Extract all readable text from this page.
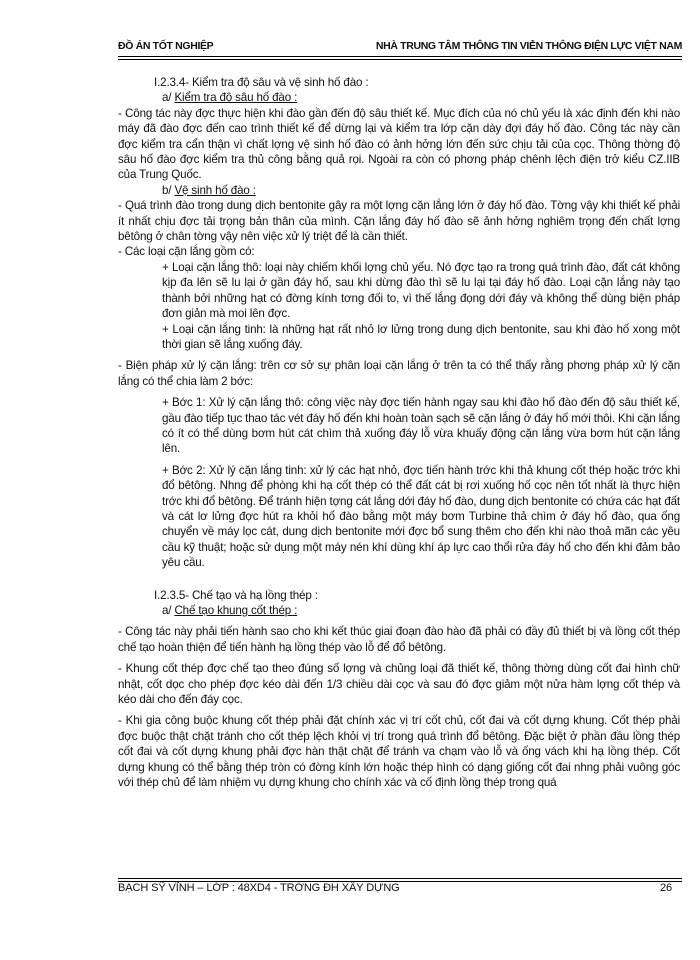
ĐỒ ÁN TỐT NGHIỆP	NHÀ TRUNG TÂM THÔNG TIN VIỄN THÔNG ĐIỆN LỰC VIỆT NAM

I.2.3.4- Kiểm tra độ sâu và vệ sinh hố đào :

a/ Kiểm tra độ sâu hố đào :

- Công tác này đợc thực hiện khi đào gần đến độ sâu thiết kế. Mục đích của nó chủ yếu là xác định đến khi nào máy đã đào đợc đến cao trình thiết kế để dừng lại và kiểm tra lớp cặn dày đợi đáy hố đào. Công tác này cần đợc kiểm tra cẩn thận vì chất lợng vệ sinh hố đào có ảnh hởng lớn đến sức chịu tải của cọc. Thông thờng độ sâu hố đào đợc kiểm tra thủ công bằng quả rọi. Ngoài ra còn có phơng pháp chênh lệch điện trở kiểu CZ.IIB của Trung Quốc.

b/ Vệ sinh hố đào :

- Quá trình đào trong dung dịch bentonite gây ra một lợng cặn lắng lớn ở đáy hố đào. Tờng vậy khi thiết kế phải ít nhất chịu đợc tải trọng bản thân của mình. Cặn lắng đáy hố đào sẽ ảnh hởng nghiêm trọng đến chất lợng bêtông ở chân tờng vậy nên việc xử lý triệt để là cần thiết.

- Các loại cặn lắng gồm có:

+ Loại cặn lắng thô: loại này chiếm khối lợng chủ yếu. Nó đợc tạo ra trong quá trình đào, đất cát không kịp đa lên sẽ lu lại ở gần đáy hố, sau khi dừng đào thì sẽ lu lại tại đáy hố đào. Loại cặn lắng này tạo thành bởi những hạt có đờng kính tơng đối to, vì thế lắng đọng dới đáy và không thể dùng biện pháp đơn giản mà moi lên đợc.

+ Loại cặn lắng tinh: là những hạt rất nhỏ lơ lửng trong dung dịch bentonite, sau khi đào hố xong một thời gian sẽ lắng xuống đáy.

- Biện pháp xử lý cặn lắng: trên cơ sở sự phân loại cặn lắng ở trên ta có thể thấy rằng phơng pháp xử lý cặn lắng có thể chia làm 2 bớc:

+ Bớc 1: Xử lý cặn lắng thô: công việc này đợc tiến hành ngay sau khi đào hố đào đến độ sâu thiết kế, gầu đào tiếp tục thao tác vét đáy hố đến khi hoàn toàn sạch sẽ cặn lắng ở đáy hố mới thôi. Khi cặn lắng có ít có thể dùng bơm hút cát chìm thả xuống đáy lỗ vừa khuấy động cặn lắng vừa bơm hút cặn lắng lên.

+ Bớc 2: Xử lý cặn lắng tinh: xử lý các hạt nhỏ, đợc tiến hành trớc khi thả khung cốt thép hoặc trớc khi đổ bêtông. Nhng để phòng khi hạ cốt thép có thể đất cát bị rơi xuống hố cọc nên tốt nhất là thực hiện trớc khi đổ bêtông. Để tránh hiện tợng cát lắng dới đáy hố đào, dung dịch bentonite có chứa các hạt đất và cát lơ lửng đợc hút ra khỏi hố đào bằng một máy bơm Turbine thả chìm ở đáy hố đào, qua ống chuyển về máy lọc cát, dung dịch bentonite mới đợc bổ sung thêm cho đến khi nào thoả mãn các yêu cầu kỹ thuật; hoặc sử dụng một máy nén khí dùng khí áp lực cao thổi rửa đáy hố cho đến khi đảm bảo yêu cầu.

I.2.3.5- Chế tạo và hạ lồng thép :

a/ Chế tạo khung cốt thép :

- Công tác này phải tiến hành sao cho khi kết thúc giai đoạn đào hào đã phải có đầy đủ thiết bị và lồng cốt thép chế tạo hoàn thiện để tiến hành hạ lồng thép vào lỗ để đổ bêtông.

- Khung cốt thép đợc chế tạo theo đúng số lợng và chủng loại đã thiết kế, thông thờng dùng cốt đai hình chữ nhật, cốt dọc cho phép đợc kéo dài đến 1/3 chiều dài cọc và sau đó đợc giảm một nửa hàm lợng cốt thép và kéo dài cho đến đáy cọc.

- Khi gia công buộc khung cốt thép phải đặt chính xác vị trí cốt chủ, cốt đai và cốt dựng khung. Cốt thép phải đợc buộc thật chặt tránh cho cốt thép lệch khỏi vị trí trong quá trình đổ bêtông. Đặc biệt ở phần đầu lồng thép cốt đai và cốt dựng khung phải đợc hàn thật chặt để tránh va chạm vào lỗ và ống vách khi hạ lồng thép. Cốt dựng khung có thể bằng thép tròn có đờng kính lớn hoặc thép hình có dạng giống cốt đai nhng phải vuông góc với thép chủ để làm nhiệm vụ dựng khung cho chính xác và cố định lồng thép trong quá

BẠCH SỸ VĨNH – LỚP : 48XD4 - TRỜNG ĐH XÂY DỰNG	26
